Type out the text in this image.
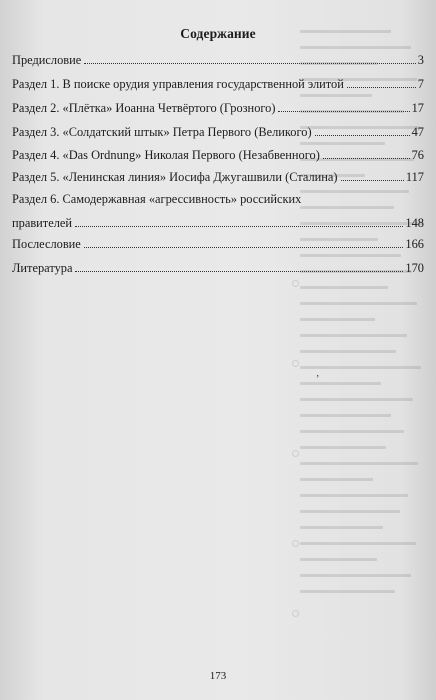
Содержание
Предисловие	3
Раздел 1. В поиске орудия управления государственной элитой	7
Раздел 2. «Плётка» Иоанна Четвёртого (Грозного)	17
Раздел 3. «Солдатский штык» Петра Первого (Великого)	47
Раздел 4. «Das Ordnung» Николая Первого (Незабвенного)	76
Раздел 5. «Ленинская линия» Иосифа Джугашвили (Сталина)	117
Раздел 6. Самодержавная «агрессивность» российских
правителей	148
Послесловие	166
Литература	170
’
173
